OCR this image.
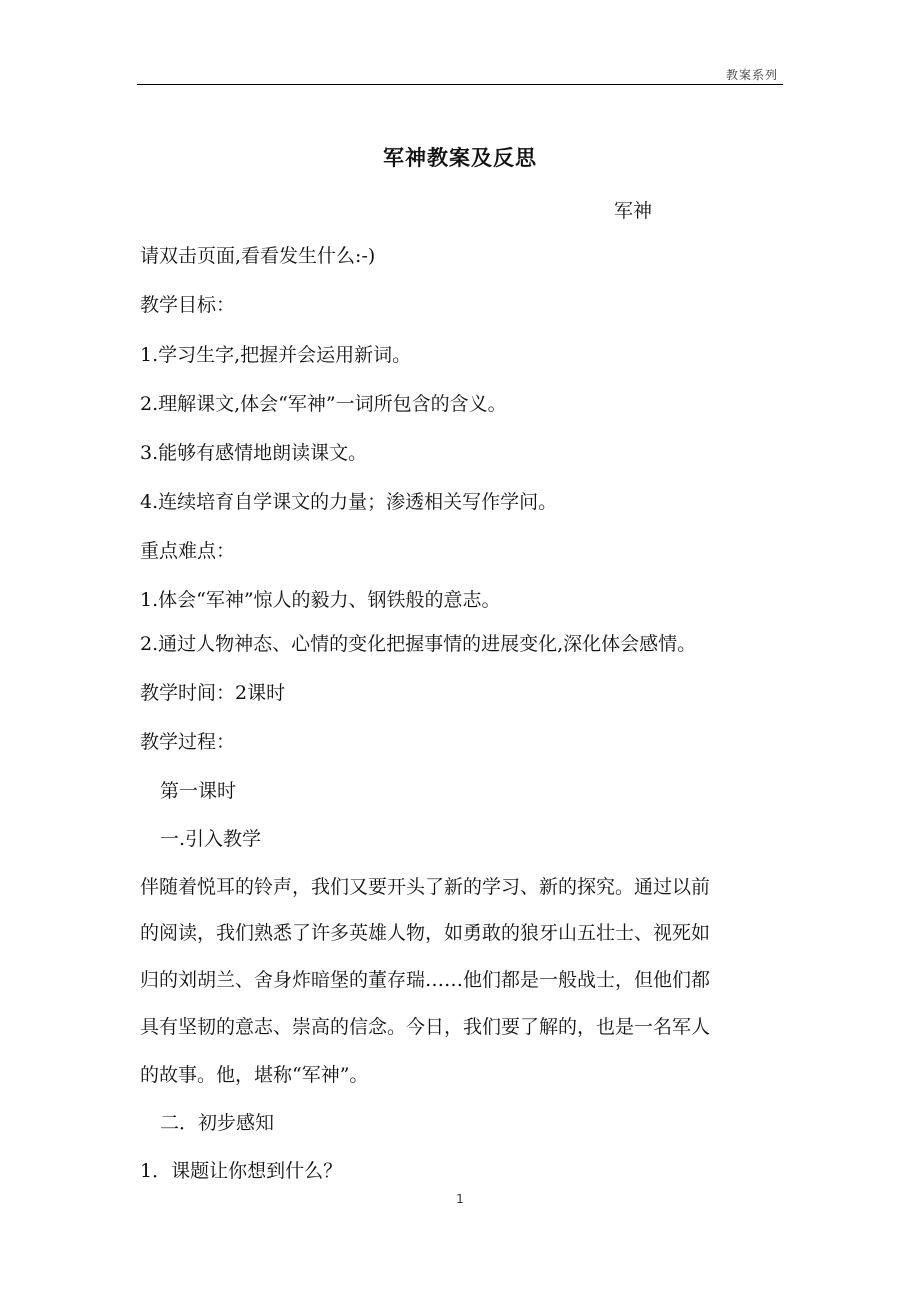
教案系列
军神教案及反思
军神
请双击页面,看看发生什么:-)
教学目标：
1.学习生字,把握并会运用新词。
2.理解课文,体会“军神”一词所包含的含义。
3.能够有感情地朗读课文。
4.连续培育自学课文的力量；渗透相关写作学问。
重点难点：
1.体会“军神”惊人的毅力、钢铁般的意志。
2.通过人物神态、心情的变化把握事情的进展变化,深化体会感情。
教学时间：2课时
教学过程：
第一课时
一.引入教学
伴随着悦耳的铃声，我们又要开头了新的学习、新的探究。通过以前
的阅读，我们熟悉了许多英雄人物，如勇敢的狼牙山五壮士、视死如
归的刘胡兰、舍身炸暗堡的董存瑞……他们都是一般战士，但他们都
具有坚韧的意志、崇高的信念。今日，我们要了解的，也是一名军人
的故事。他，堪称“军神”。
二．初步感知
1．课题让你想到什么？
1
